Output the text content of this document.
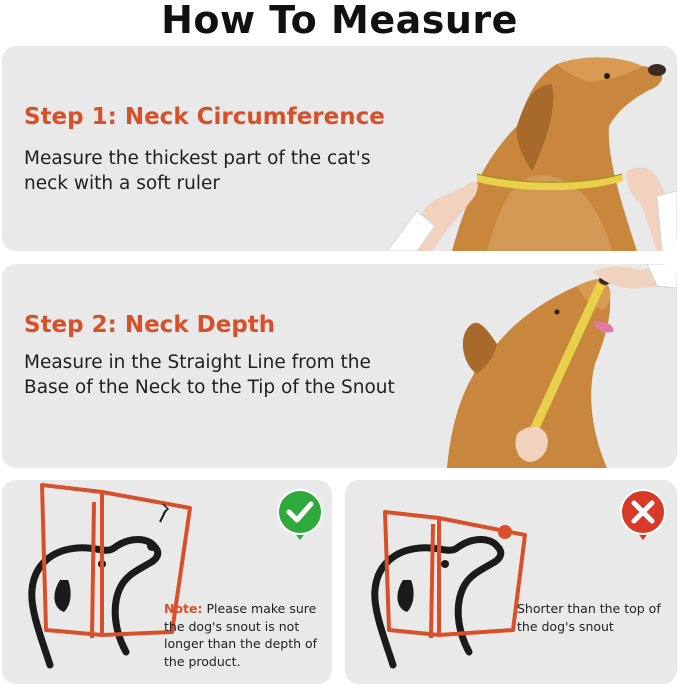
How To Measure
Step 1: Neck Circumference
Measure the thickest part of the cat's neck with a soft ruler
Step 2: Neck Depth
Measure in the Straight Line from the Base of the Neck to the Tip of the Snout
Note: Please make sure the dog's snout is not longer than the depth of the product.
Shorter than the top of the dog's snout
